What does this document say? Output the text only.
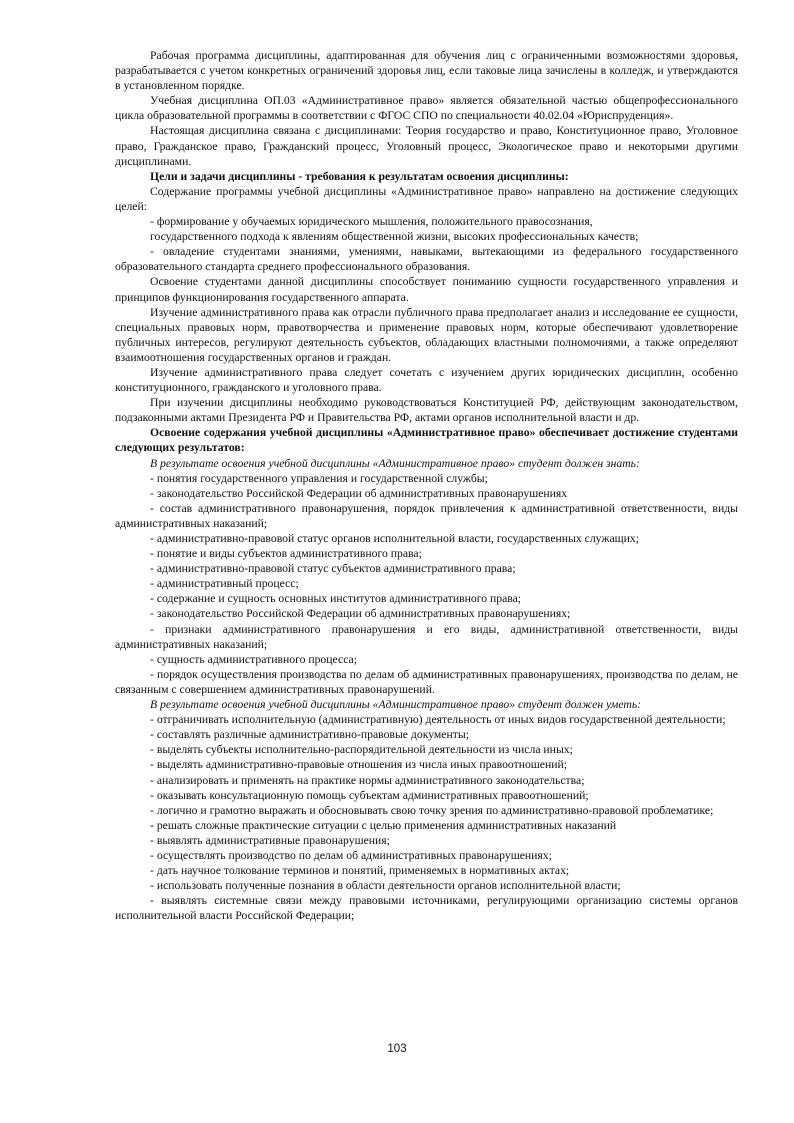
Рабочая программа дисциплины, адаптированная для обучения лиц с ограниченными возможностями здоровья, разрабатывается с учетом конкретных ограничений здоровья лиц, если таковые лица зачислены в колледж, и утверждаются в установленном порядке.

Учебная дисциплина ОП.03 «Административное право» является обязательной частью общепрофессионального цикла образовательной программы в соответствии с ФГОС СПО по специальности 40.02.04 «Юриспруденция».

Настоящая дисциплина связана с дисциплинами: Теория государство и право, Конституционное право, Уголовное право, Гражданское право, Гражданский процесс, Уголовный процесс, Экологическое право и некоторыми другими дисциплинами.

Цели и задачи дисциплины - требования к результатам освоения дисциплины:

Содержание программы учебной дисциплины «Административное право» направлено на достижение следующих целей:

- формирование у обучаемых юридического мышления, положительного правосознания,

государственного подхода к явлениям общественной жизни, высоких профессиональных качеств;

- овладение студентами знаниями, умениями, навыками, вытекающими из федерального государственного образовательного стандарта среднего профессионального образования.

Освоение студентами данной дисциплины способствует пониманию сущности государственного управления и принципов функционирования государственного аппарата.

Изучение административного права как отрасли публичного права предполагает анализ и исследование ее сущности, специальных правовых норм, правотворчества и применение правовых норм, которые обеспечивают удовлетворение публичных интересов, регулируют деятельность субъектов, обладающих властными полномочиями, а также определяют взаимоотношения государственных органов и граждан.

Изучение административного права следует сочетать с изучением других юридических дисциплин, особенно конституционного, гражданского и уголовного права.

При изучении дисциплины необходимо руководствоваться Конституцией РФ, действующим законодательством, подзаконными актами Президента РФ и Правительства РФ, актами органов исполнительной власти и др.

Освоение содержания учебной дисциплины «Административное право» обеспечивает достижение студентами следующих результатов:

В результате освоения учебной дисциплины «Административное право» студент должен знать:

- понятия государственного управления и государственной службы;

- законодательство Российской Федерации об административных правонарушениях

- состав административного правонарушения, порядок привлечения к административной ответственности, виды административных наказаний;

- административно-правовой статус органов исполнительной власти, государственных служащих;

- понятие и виды субъектов административного права;

- административно-правовой статус субъектов административного права;

- административный процесс;

- содержание и сущность основных институтов административного права;

- законодательство Российской Федерации об административных правонарушениях;

- признаки административного правонарушения и его виды, административной ответственности, виды административных наказаний;

- сущность административного процесса;

- порядок осуществления производства по делам об административных правонарушениях, производства по делам, не связанным с совершением административных правонарушений.

В результате освоения учебной дисциплины «Административное право» студент должен уметь:

- отграничивать исполнительную (административную) деятельность от иных видов государственной деятельности;

- составлять различные административно-правовые документы;

- выделять субъекты исполнительно-распорядительной деятельности из числа иных;

- выделять административно-правовые отношения из числа иных правоотношений;

- анализировать и применять на практике нормы административного законодательства;

- оказывать консультационную помощь субъектам административных правоотношений;

- логично и грамотно выражать и обосновывать свою точку зрения по административно-правовой проблематике;

- решать сложные практические ситуации с целью применения административных наказаний

- выявлять административные правонарушения;

- осуществлять производство по делам об административных правонарушениях;

- дать научное толкование терминов и понятий, применяемых в нормативных актах;

- использовать полученные познания в области деятельности органов исполнительной власти;

- выявлять системные связи между правовыми источниками, регулирующими организацию системы органов исполнительной власти Российской Федерации;

103
